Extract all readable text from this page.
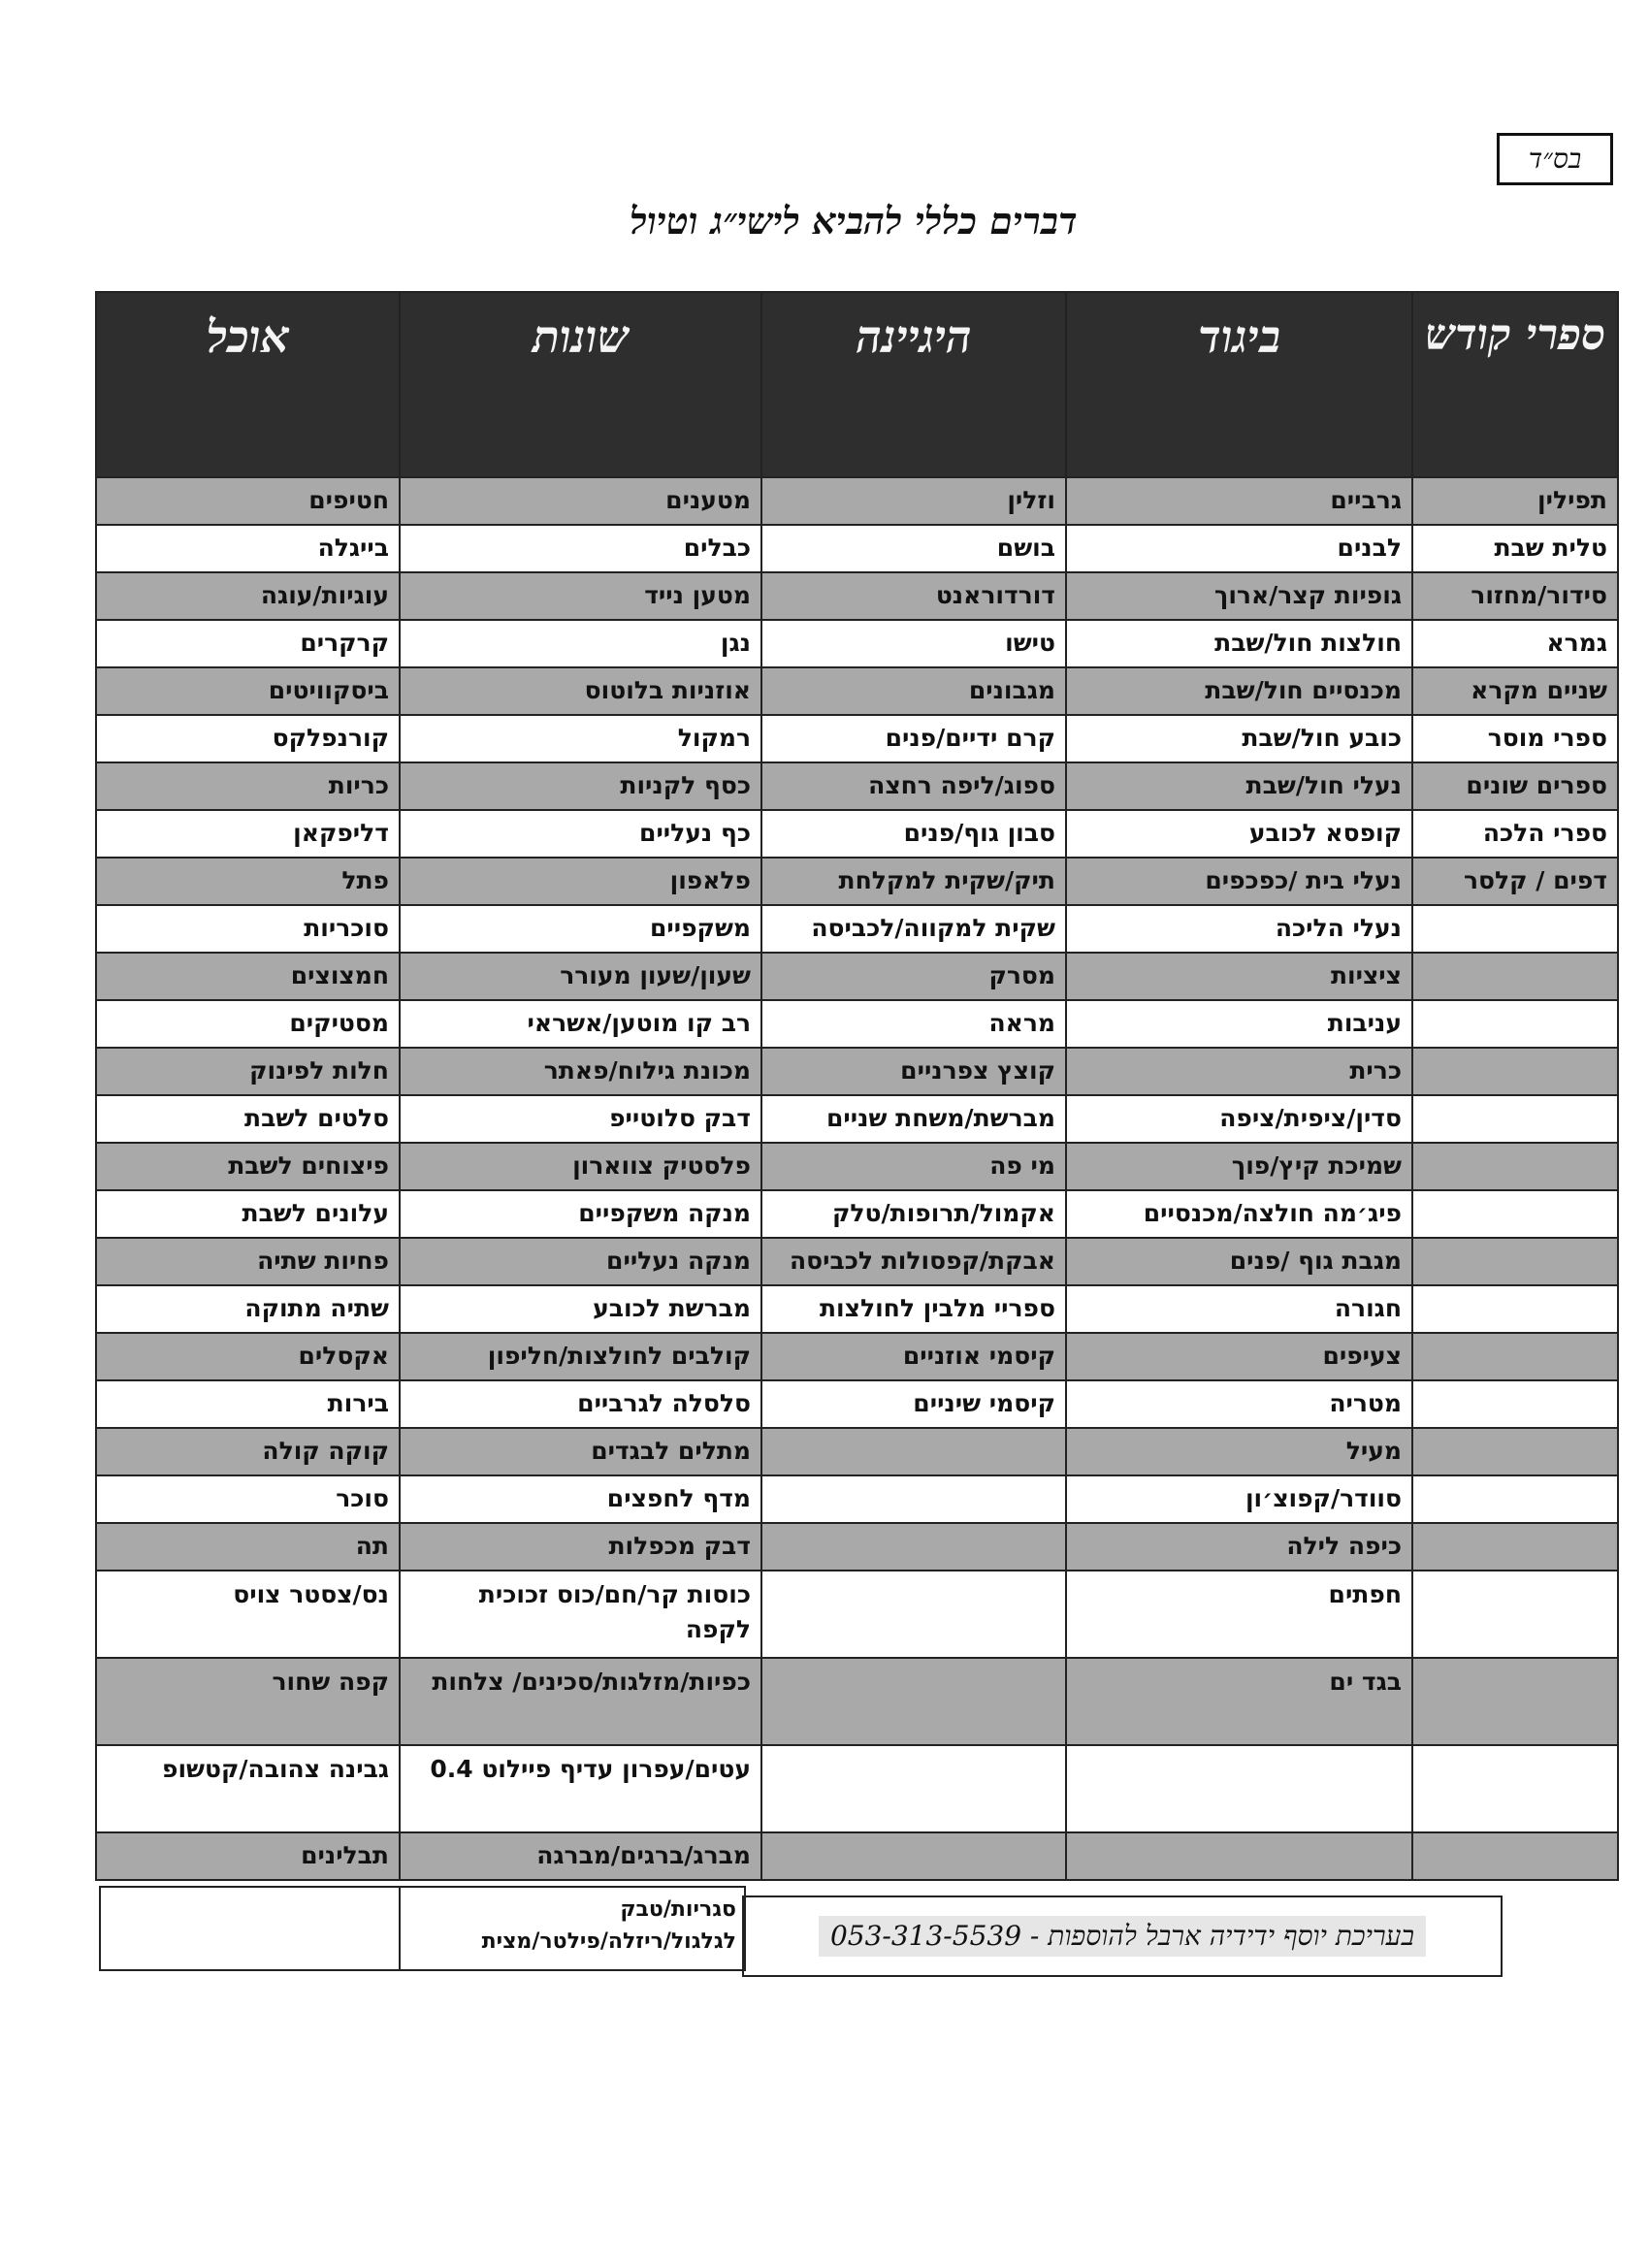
בס״ד
דברים כללי להביא לישי״ג וטיול
ספרי קודש	ביגוד	היגיינה	שונות	אוכל
תפילין	גרביים	וזלין	מטענים	חטיפים
טלית שבת	לבנים	בושם	כבלים	בייגלה
סידור/מחזור	גופיות קצר/ארוך	דורדוראנט	מטען נייד	עוגיות/עוגה
גמרא	חולצות חול/שבת	טישו	נגן	קרקרים
שניים מקרא	מכנסיים חול/שבת	מגבונים	אוזניות בלוטוס	ביסקוויטים
ספרי מוסר	כובע חול/שבת	קרם ידיים/פנים	רמקול	קורנפלקס
ספרים שונים	נעלי חול/שבת	ספוג/ליפה רחצה	כסף לקניות	כריות
ספרי הלכה	קופסא לכובע	סבון גוף/פנים	כף נעליים	דליפקאן
דפים / קלסר	נעלי בית /כפכפים	תיק/שקית למקלחת	פלאפון	פתל
	נעלי הליכה	שקית למקווה/לכביסה	משקפיים	סוכריות
	ציציות	מסרק	שעון/שעון מעורר	חמצוצים
	עניבות	מראה	רב קו מוטען/אשראי	מסטיקים
	כרית	קוצץ צפרניים	מכונת גילוח/פאתר	חלות לפינוק
	סדין/ציפית/ציפה	מברשת/משחת שניים	דבק סלוטייפ	סלטים לשבת
	שמיכת קיץ/פוך	מי פה	פלסטיק צווארון	פיצוחים לשבת
	פיג׳מה חולצה/מכנסיים	אקמול/תרופות/טלק	מנקה משקפיים	עלונים לשבת
	מגבת גוף /פנים	אבקת/קפסולות לכביסה	מנקה נעליים	פחיות שתיה
	חגורה	ספריי מלבין לחולצות	מברשת לכובע	שתיה מתוקה
	צעיפים	קיסמי אוזניים	קולבים לחולצות/חליפון	אקסלים
	מטריה	קיסמי שיניים	סלסלה לגרביים	בירות
	מעיל		מתלים לבגדים	קוקה קולה
	סוודר/קפוצ׳ון		מדף לחפצים	סוכר
	כיפה לילה		דבק מכפלות	תה
	חפתים		כוסות קר/חם/כוס זכוכית לקפה	נס/צסטר צויס
	בגד ים		כפיות/מזלגות/סכינים/ צלחות	קפה שחור
			עטים/עפרון עדיף פיילוט 0.4	גבינה צהובה/קטשופ
			מברג/ברגים/מברגה	תבלינים
סגריות/טבק לגלגול/ריזלה/פילטר/מצית		בעריכת יוסף ידידיה ארבל להוספות - 053-313-5539
